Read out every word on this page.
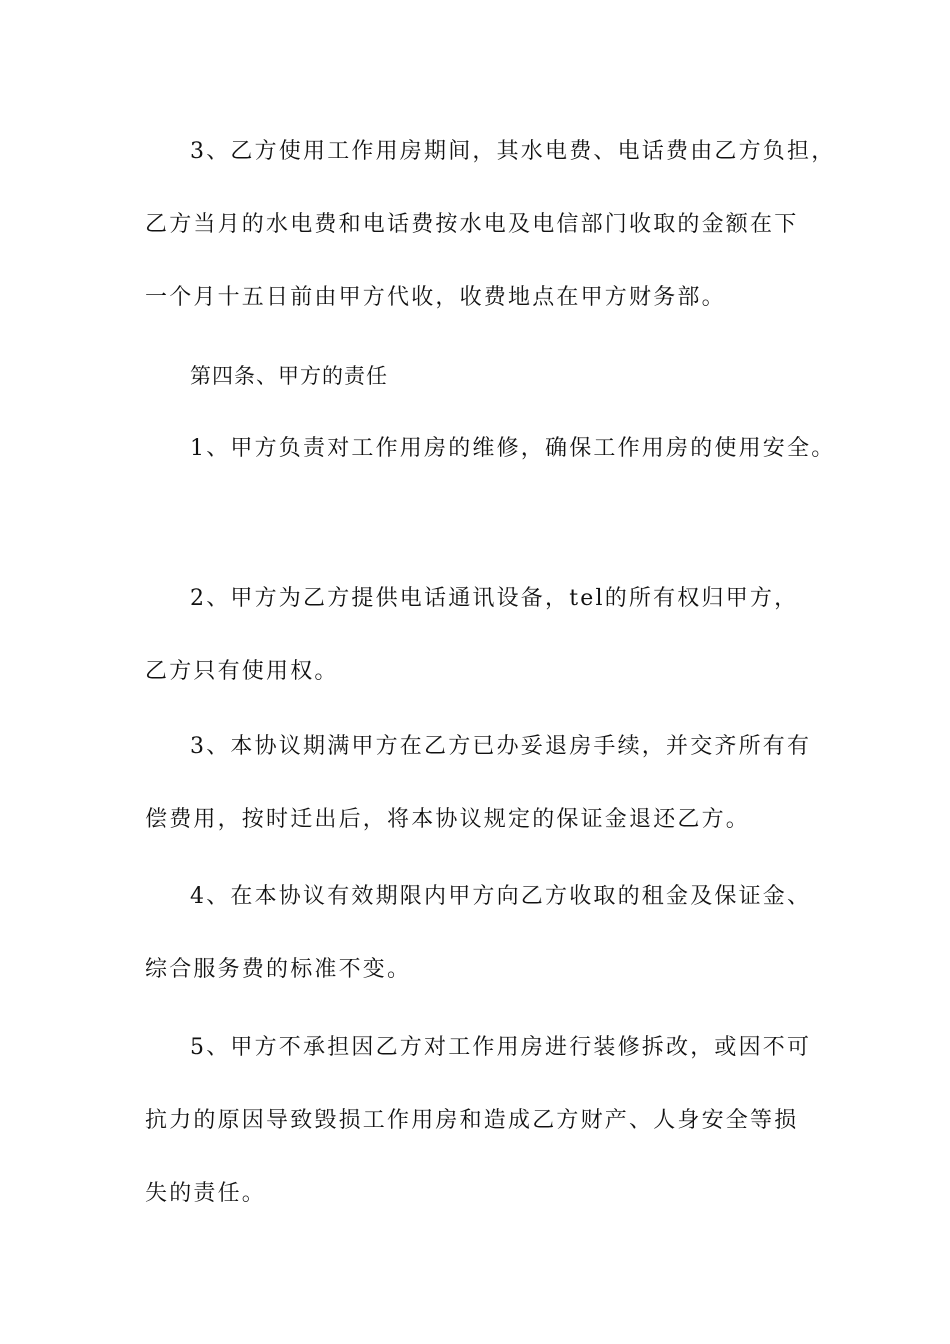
3、乙方使用工作用房期间，其水电费、电话费由乙方负担，
乙方当月的水电费和电话费按水电及电信部门收取的金额在下
一个月十五日前由甲方代收，收费地点在甲方财务部。
第四条、甲方的责任
1、甲方负责对工作用房的维修，确保工作用房的使用安全。
2、甲方为乙方提供电话通讯设备，tel的所有权归甲方，
乙方只有使用权。
3、本协议期满甲方在乙方已办妥退房手续，并交齐所有有
偿费用，按时迁出后，将本协议规定的保证金退还乙方。
4、在本协议有效期限内甲方向乙方收取的租金及保证金、
综合服务费的标准不变。
5、甲方不承担因乙方对工作用房进行装修拆改，或因不可
抗力的原因导致毁损工作用房和造成乙方财产、人身安全等损
失的责任。
